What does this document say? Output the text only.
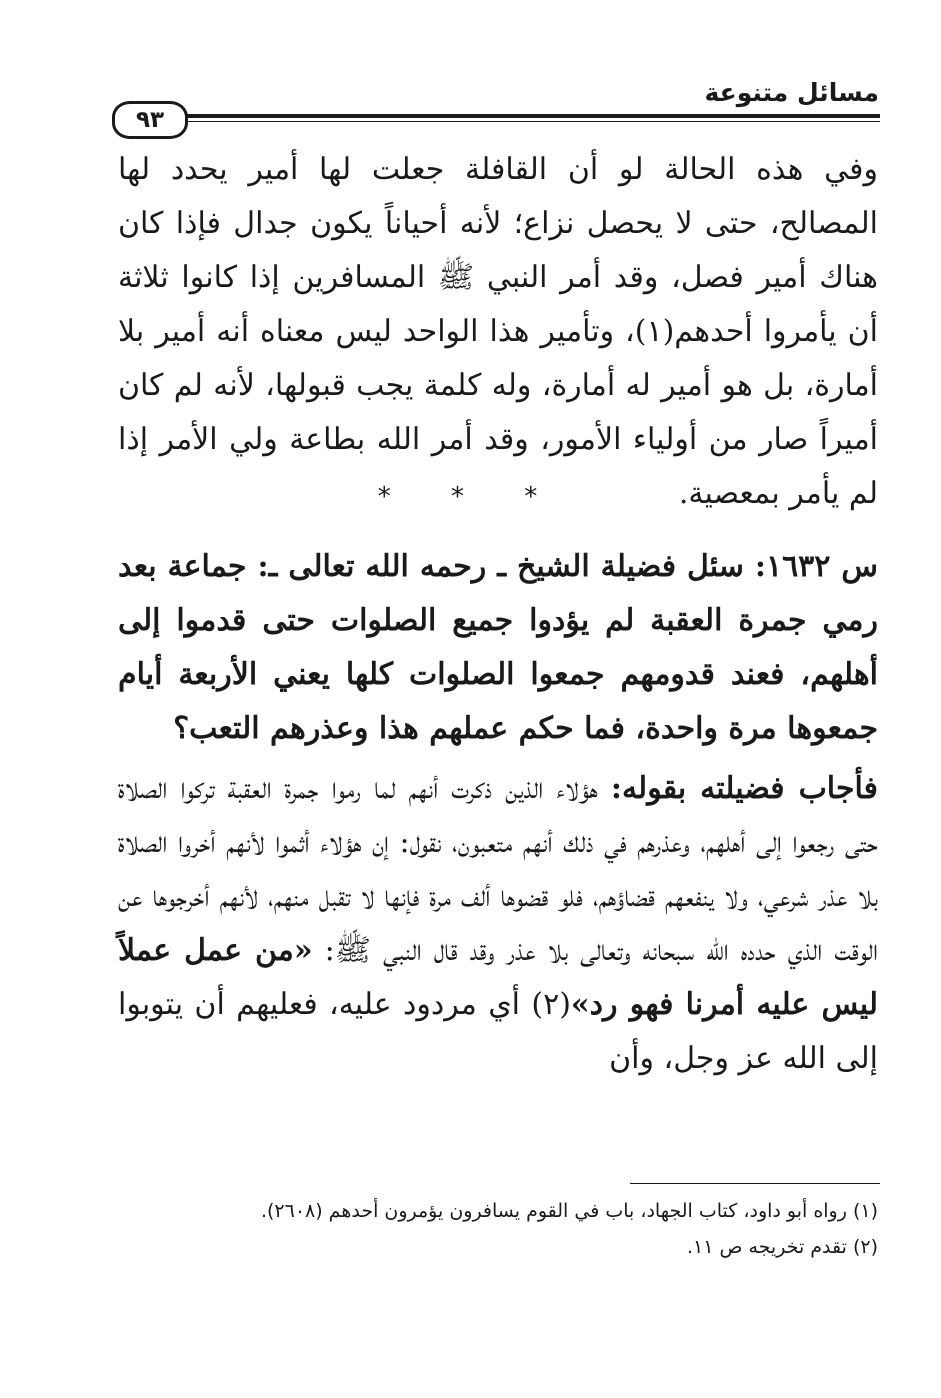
مسائل متنوعة
٩٣
وفي هذه الحالة لو أن القافلة جعلت لها أمير يحدد لها المصالح، حتى لا يحصل نزاع؛ لأنه أحياناً يكون جدال فإذا كان هناك أمير فصل، وقد أمر النبي ﷺ المسافرين إذا كانوا ثلاثة أن يأمروا أحدهم(١)، وتأمير هذا الواحد ليس معناه أنه أمير بلا أمارة، بل هو أمير له أمارة، وله كلمة يجب قبولها، لأنه لم كان أميراً صار من أولياء الأمور، وقد أمر الله بطاعة ولي الأمر إذا لم يأمر بمعصية.
* * *
س ١٦٣٢: سئل فضيلة الشيخ ـ رحمه الله تعالى ـ: جماعة بعد رمي جمرة العقبة لم يؤدوا جميع الصلوات حتى قدموا إلى أهلهم، فعند قدومهم جمعوا الصلوات كلها يعني الأربعة أيام جمعوها مرة واحدة، فما حكم عملهم هذا وعذرهم التعب؟
فأجاب فضيلته بقوله: هؤلاء الذين ذكرت أنهم لما رموا جمرة العقبة تركوا الصلاة حتى رجعوا إلى أهلهم، وعذرهم في ذلك أنهم متعبون، نقول: إن هؤلاء أثموا لأنهم أخروا الصلاة بلا عذر شرعي، ولا ينفعهم قضاؤهم، فلو قضوها ألف مرة فإنها لا تقبل منهم، لأنهم أخرجوها عن الوقت الذي حدده الله سبحانه وتعالى بلا عذر وقد قال النبي ﷺ: «من عمل عملاً ليس عليه أمرنا فهو رد»(٢) أي مردود عليه، فعليهم أن يتوبوا إلى الله عز وجل، وأن
(١) رواه أبو داود، كتاب الجهاد، باب في القوم يسافرون يؤمرون أحدهم (٢٦٠٨).
(٢) تقدم تخريجه ص ١١.
